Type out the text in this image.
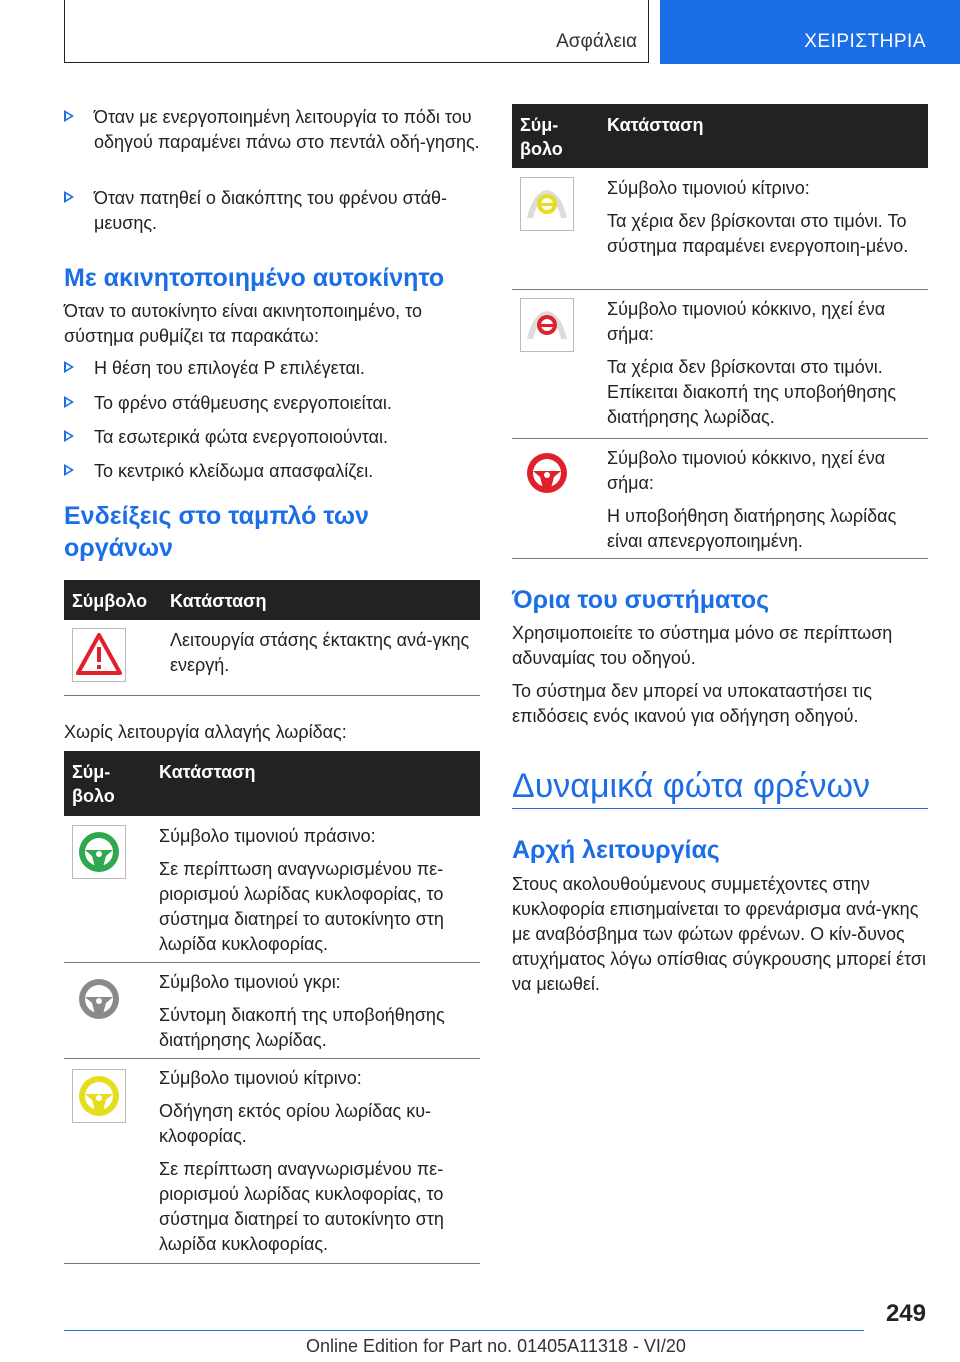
Ασφάλεια	ΧΕΙΡΙΣΤΗΡΙΑ
Όταν με ενεργοποιημένη λειτουργία το πόδι του οδηγού παραμένει πάνω στο πεντάλ οδή‐γησης.
Όταν πατηθεί ο διακόπτης του φρένου στάθ‐μευσης.
Με ακινητοποιημένο αυτοκίνητο
Όταν το αυτοκίνητο είναι ακινητοποιημένο, το σύστημα ρυθμίζει τα παρακάτω:
Η θέση του επιλογέα P επιλέγεται.
Το φρένο στάθμευσης ενεργοποιείται.
Τα εσωτερικά φώτα ενεργοποιούνται.
Το κεντρικό κλείδωμα απασφαλίζει.
Ενδείξεις στο ταμπλό των οργάνων
Σύμβολο Κατάσταση
Λειτουργία στάσης έκτακτης ανά‐γκης ενεργή.
Χωρίς λειτουργία αλλαγής λωρίδας:
Σύμ‐βολο
Κατάσταση
Σύμβολο τιμονιού πράσινο:
Σε περίπτωση αναγνωρισμένου πε‐ριορισμού λωρίδας κυκλοφορίας, το σύστημα διατηρεί το αυτοκίνητο στη λωρίδα κυκλοφορίας.
Σύμβολο τιμονιού γκρι:
Σύντομη διακοπή της υποβοήθησης διατήρησης λωρίδας.
Σύμβολο τιμονιού κίτρινο:
Οδήγηση εκτός ορίου λωρίδας κυ‐κλοφορίας.
Σε περίπτωση αναγνωρισμένου πε‐ριορισμού λωρίδας κυκλοφορίας, το σύστημα διατηρεί το αυτοκίνητο στη λωρίδα κυκλοφορίας.
Σύμ‐βολο
Κατάσταση
Σύμβολο τιμονιού κίτρινο:
Τα χέρια δεν βρίσκονται στο τιμόνι. Το σύστημα παραμένει ενεργοποιη‐μένο.
Σύμβολο τιμονιού κόκκινο, ηχεί ένα σήμα:
Τα χέρια δεν βρίσκονται στο τιμόνι. Επίκειται διακοπή της υποβοήθησης διατήρησης λωρίδας.
Σύμβολο τιμονιού κόκκινο, ηχεί ένα σήμα:
Η υποβοήθηση διατήρησης λωρίδας είναι απενεργοποιημένη.
Όρια του συστήματος
Χρησιμοποιείτε το σύστημα μόνο σε περίπτωση αδυναμίας του οδηγού.
Το σύστημα δεν μπορεί να υποκαταστήσει τις επιδόσεις ενός ικανού για οδήγηση οδηγού.
Δυναμικά φώτα φρένων
Αρχή λειτουργίας
Στους ακολουθούμενους συμμετέχοντες στην κυκλοφορία επισημαίνεται το φρενάρισμα ανά‐γκης με αναβόσβημα των φώτων φρένων. Ο κίν‐δυνος ατυχήματος λόγω οπίσθιας σύγκρουσης μπορεί έτσι να μειωθεί.
249
Online Edition for Part no. 01405A11318 - VI/20
